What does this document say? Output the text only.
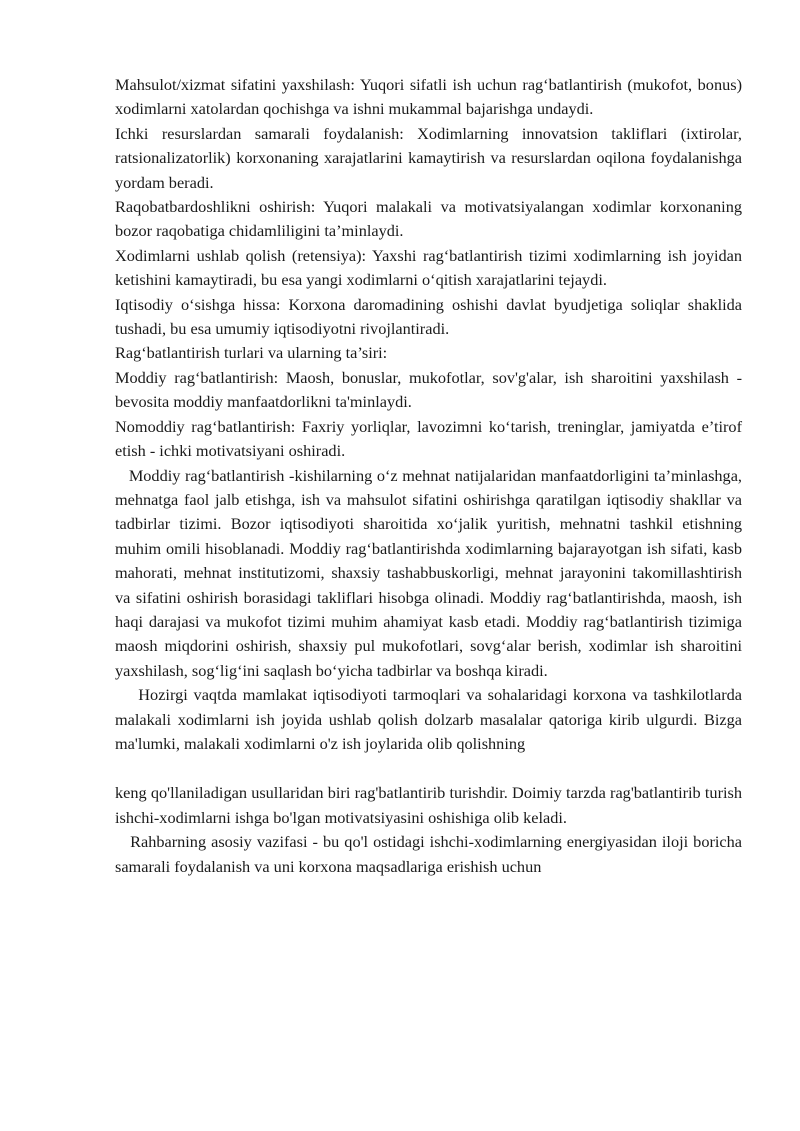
Mahsulot/xizmat sifatini yaxshilash: Yuqori sifatli ish uchun rag‘batlantirish (mukofot, bonus) xodimlarni xatolardan qochishga va ishni mukammal bajarishga undaydi.

Ichki resurslardan samarali foydalanish: Xodimlarning innovatsion takliflari (ixtirolar, ratsionalizatorlik) korxonaning xarajatlarini kamaytirish va resurslardan oqilona foydalanishga yordam beradi.

Raqobatbardoshlikni oshirish: Yuqori malakali va motivatsiyalangan xodimlar korxonaning bozor raqobatiga chidamliligini ta’minlaydi.

Xodimlarni ushlab qolish (retensiya): Yaxshi rag‘batlantirish tizimi xodimlarning ish joyidan ketishini kamaytiradi, bu esa yangi xodimlarni o‘qitish xarajatlarini tejaydi.

Iqtisodiy o‘sishga hissa: Korxona daromadining oshishi davlat byudjetiga soliqlar shaklida tushadi, bu esa umumiy iqtisodiyotni rivojlantiradi.

Rag‘batlantirish turlari va ularning ta’siri:

Moddiy rag‘batlantirish: Maosh, bonuslar, mukofotlar, sov'g'alar, ish sharoitini yaxshilash - bevosita moddiy manfaatdorlikni ta'minlaydi.

Nomoddiy rag‘batlantirish: Faxriy yorliqlar, lavozimni ko‘tarish, treninglar, jamiyatda e’tirof etish - ichki motivatsiyani oshiradi.

Moddiy rag‘batlantirish -kishilarning o‘z mehnat natijalaridan manfaatdorligini ta’minlashga, mehnatga faol jalb etishga, ish va mahsulot sifatini oshirishga qaratilgan iqtisodiy shakllar va tadbirlar tizimi. Bozor iqtisodiyoti sharoitida xo‘jalik yuritish, mehnatni tashkil etishning muhim omili hisoblanadi. Moddiy rag‘batlantirishda xodimlarning bajarayotgan ish sifati, kasb mahorati, mehnat institutizomi, shaxsiy tashabbuskorligi, mehnat jarayonini takomillashtirish va sifatini oshirish borasidagi takliflari hisobga olinadi. Moddiy rag‘batlantirishda, maosh, ish haqi darajasi va mukofot tizimi muhim ahamiyat kasb etadi. Moddiy rag‘batlantirish tizimiga maosh miqdorini oshirish, shaxsiy pul mukofotlari, sovg‘alar berish, xodimlar ish sharoitini yaxshilash, sog‘lig‘ini saqlash bo‘yicha tadbirlar va boshqa kiradi.

Hozirgi vaqtda mamlakat iqtisodiyoti tarmoqlari va sohalaridagi korxona va tashkilotlarda malakali xodimlarni ish joyida ushlab qolish dolzarb masalalar qatoriga kirib ulgurdi. Bizga ma'lumki, malakali xodimlarni o'z ish joylarida olib qolishning

keng qo'llaniladigan usullaridan biri rag'batlantirib turishdir. Doimiy tarzda rag'batlantirib turish ishchi-xodimlarni ishga bo'lgan motivatsiyasini oshishiga olib keladi.

Rahbarning asosiy vazifasi - bu qo'l ostidagi ishchi-xodimlarning energiyasidan iloji boricha samarali foydalanish va uni korxona maqsadlariga erishish uchun
